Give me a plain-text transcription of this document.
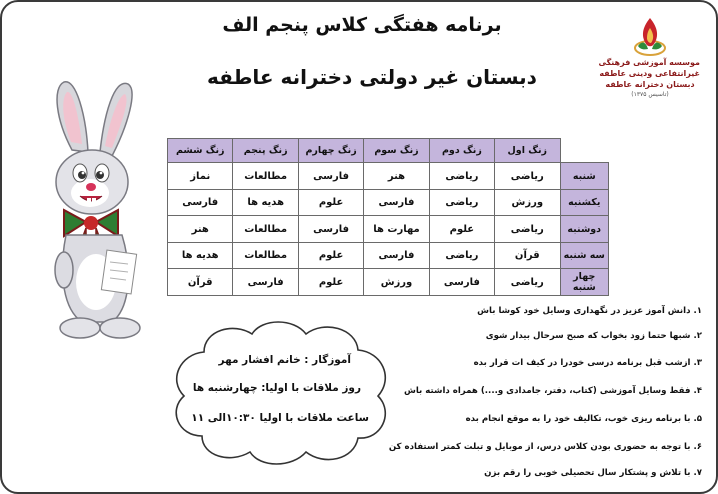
برنامه هفتگی کلاس پنجم الف
دبستان غیر دولتی دخترانه عاطفه
موسسه آموزشی فرهنگی
غیرانتفاعی ودینی عاطفه
دبستان دخترانه عاطفه
(تاسیس ۱۳۷۵)
	زنگ اول	زنگ دوم	زنگ سوم	زنگ چهارم	زنگ پنجم	زنگ ششم
شنبه	ریاضی	ریاضی	هنر	فارسی	مطالعات	نماز
یکشنبه	ورزش	ریاضی	فارسی	علوم	هدیه ها	فارسی
دوشنبه	ریاضی	علوم	مهارت ها	فارسی	مطالعات	هنر
سه شنبه	قرآن	ریاضی	فارسی	علوم	مطالعات	هدیه ها
چهار شنبه	ریاضی	فارسی	ورزش	علوم	فارسی	قرآن
آموزگار : خانم افشار مهر
روز ملاقات با اولیا: چهارشنبه ها
ساعت ملاقات با اولیا ۱۰:۳۰الی ۱۱
۱. دانش آموز عزیز در نگهداری وسایل خود کوشا باش
۲. شبها حتما زود بخواب که صبح سرحال بیدار شوی
۳. ازشب قبل برنامه درسی خودرا در کیف ات قرار بده
۴. فقط وسایل آموزشی (کتاب، دفتر، جامدادی و....) همراه داشته باش
۵. با برنامه ریزی خوب، تکالیف خود را به موقع انجام بده
۶. با توجه به حضوری بودن کلاس درس، از موبایل و تبلت کمتر استفاده کن
۷. با تلاش و پشتکار سال تحصیلی خوبی را رقم بزن
